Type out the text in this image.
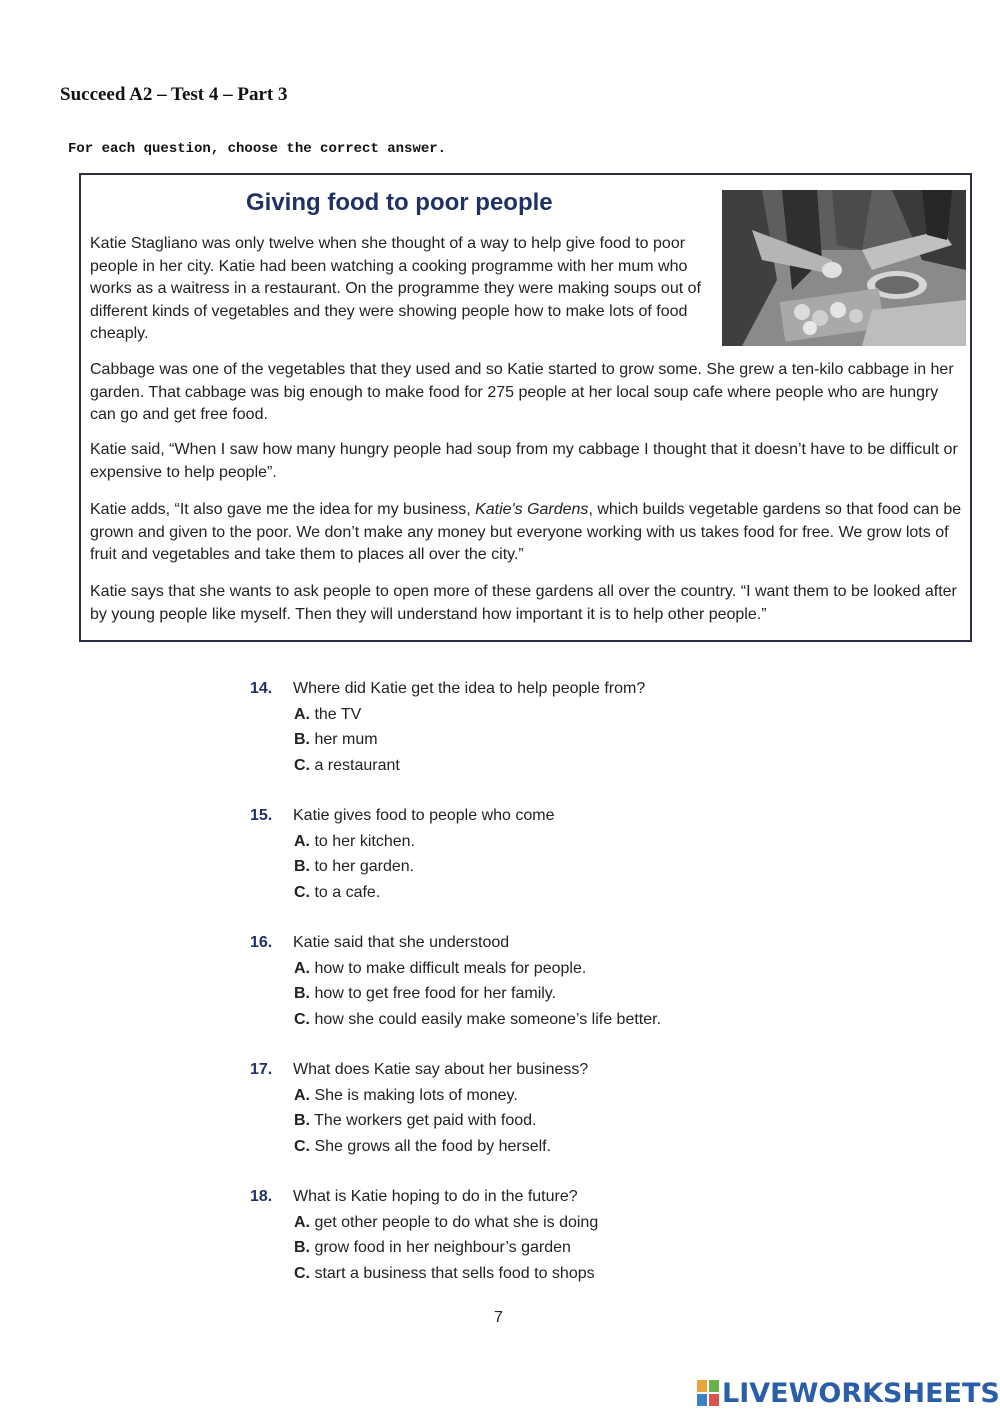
Succeed A2 – Test 4 – Part 3
For each question, choose the correct answer.
Giving food to poor people

Katie Stagliano was only twelve when she thought of a way to help give food to poor people in her city. Katie had been watching a cooking programme with her mum who works as a waitress in a restaurant. On the programme they were making soups out of different kinds of vegetables and they were showing people how to make lots of food cheaply.

Cabbage was one of the vegetables that they used and so Katie started to grow some. She grew a ten-kilo cabbage in her garden. That cabbage was big enough to make food for 275 people at her local soup cafe where people who are hungry can go and get free food.

Katie said, “When I saw how many hungry people had soup from my cabbage I thought that it doesn’t have to be difficult or expensive to help people”.

Katie adds, “It also gave me the idea for my business, Katie's Gardens, which builds vegetable gardens so that food can be grown and given to the poor. We don’t make any money but everyone working with us takes food for free. We grow lots of fruit and vegetables and take them to places all over the city.”

Katie says that she wants to ask people to open more of these gardens all over the country. “I want them to be looked after by young people like myself. Then they will understand how important it is to help other people.”

14. Where did Katie get the idea to help people from?
A. the TV
B. her mum
C. a restaurant
15. Katie gives food to people who come
A. to her kitchen.
B. to her garden.
C. to a cafe.
16. Katie said that she understood
A. how to make difficult meals for people.
B. how to get free food for her family.
C. how she could easily make someone’s life better.
17. What does Katie say about her business?
A. She is making lots of money.
B. The workers get paid with food.
C. She grows all the food by herself.
18. What is Katie hoping to do in the future?
A. get other people to do what she is doing
B. grow food in her neighbour’s garden
C. start a business that sells food to shops
7
LIVEWORKSHEETS
